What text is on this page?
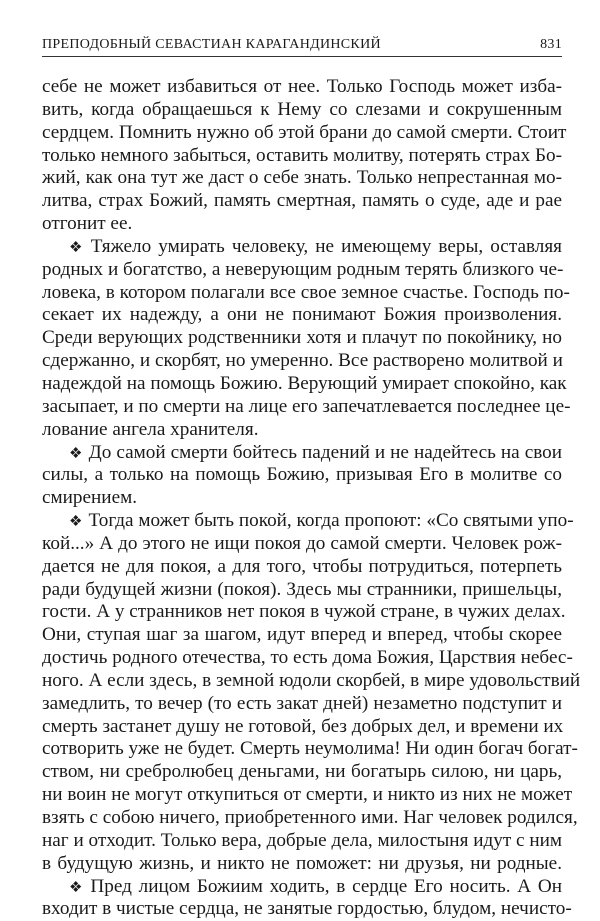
ПРЕПОДОБНЫЙ СЕВАСТИАН КАРАГАНДИНСКИЙ	831
себе не может избавиться от нее. Только Господь может изба-
вить, когда обращаешься к Нему со слезами и сокрушенным
сердцем. Помнить нужно об этой брани до самой смерти. Стоит
только немного забыться, оставить молитву, потерять страх Бо-
жий, как она тут же даст о себе знать. Только непрестанная мо-
литва, страх Божий, память смертная, память о суде, аде и рае
отгонит ее.
❖ Тяжело умирать человеку, не имеющему веры, оставляя
родных и богатство, а неверующим родным терять близкого че-
ловека, в котором полагали все свое земное счастье. Господь по-
секает их надежду, а они не понимают Божия произволения.
Среди верующих родственники хотя и плачут по покойнику, но
сдержанно, и скорбят, но умеренно. Все растворено молитвой и
надеждой на помощь Божию. Верующий умирает спокойно, как
засыпает, и по смерти на лице его запечатлевается последнее це-
лование ангела хранителя.
❖ До самой смерти бойтесь падений и не надейтесь на свои
силы, а только на помощь Божию, призывая Его в молитве со
смирением.
❖ Тогда может быть покой, когда пропоют: «Со святыми упо-
кой...» А до этого не ищи покоя до самой смерти. Человек рож-
дается не для покоя, а для того, чтобы потрудиться, потерпеть
ради будущей жизни (покоя). Здесь мы странники, пришельцы,
гости. А у странников нет покоя в чужой стране, в чужих делах.
Они, ступая шаг за шагом, идут вперед и вперед, чтобы скорее
достичь родного отечества, то есть дома Божия, Царствия небес-
ного. А если здесь, в земной юдоли скорбей, в мире удовольствий
замедлить, то вечер (то есть закат дней) незаметно подступит и
смерть застанет душу не готовой, без добрых дел, и времени их
сотворить уже не будет. Смерть неумолима! Ни один богач богат-
ством, ни сребролюбец деньгами, ни богатырь силою, ни царь,
ни воин не могут откупиться от смерти, и никто из них не может
взять с собою ничего, приобретенного ими. Наг человек родился,
наг и отходит. Только вера, добрые дела, милостыня идут с ним
в будущую жизнь, и никто не поможет: ни друзья, ни родные.
❖ Пред лицом Божиим ходить, в сердце Его носить. А Он
входит в чистые сердца, не занятые гордостью, блудом, нечисто-
